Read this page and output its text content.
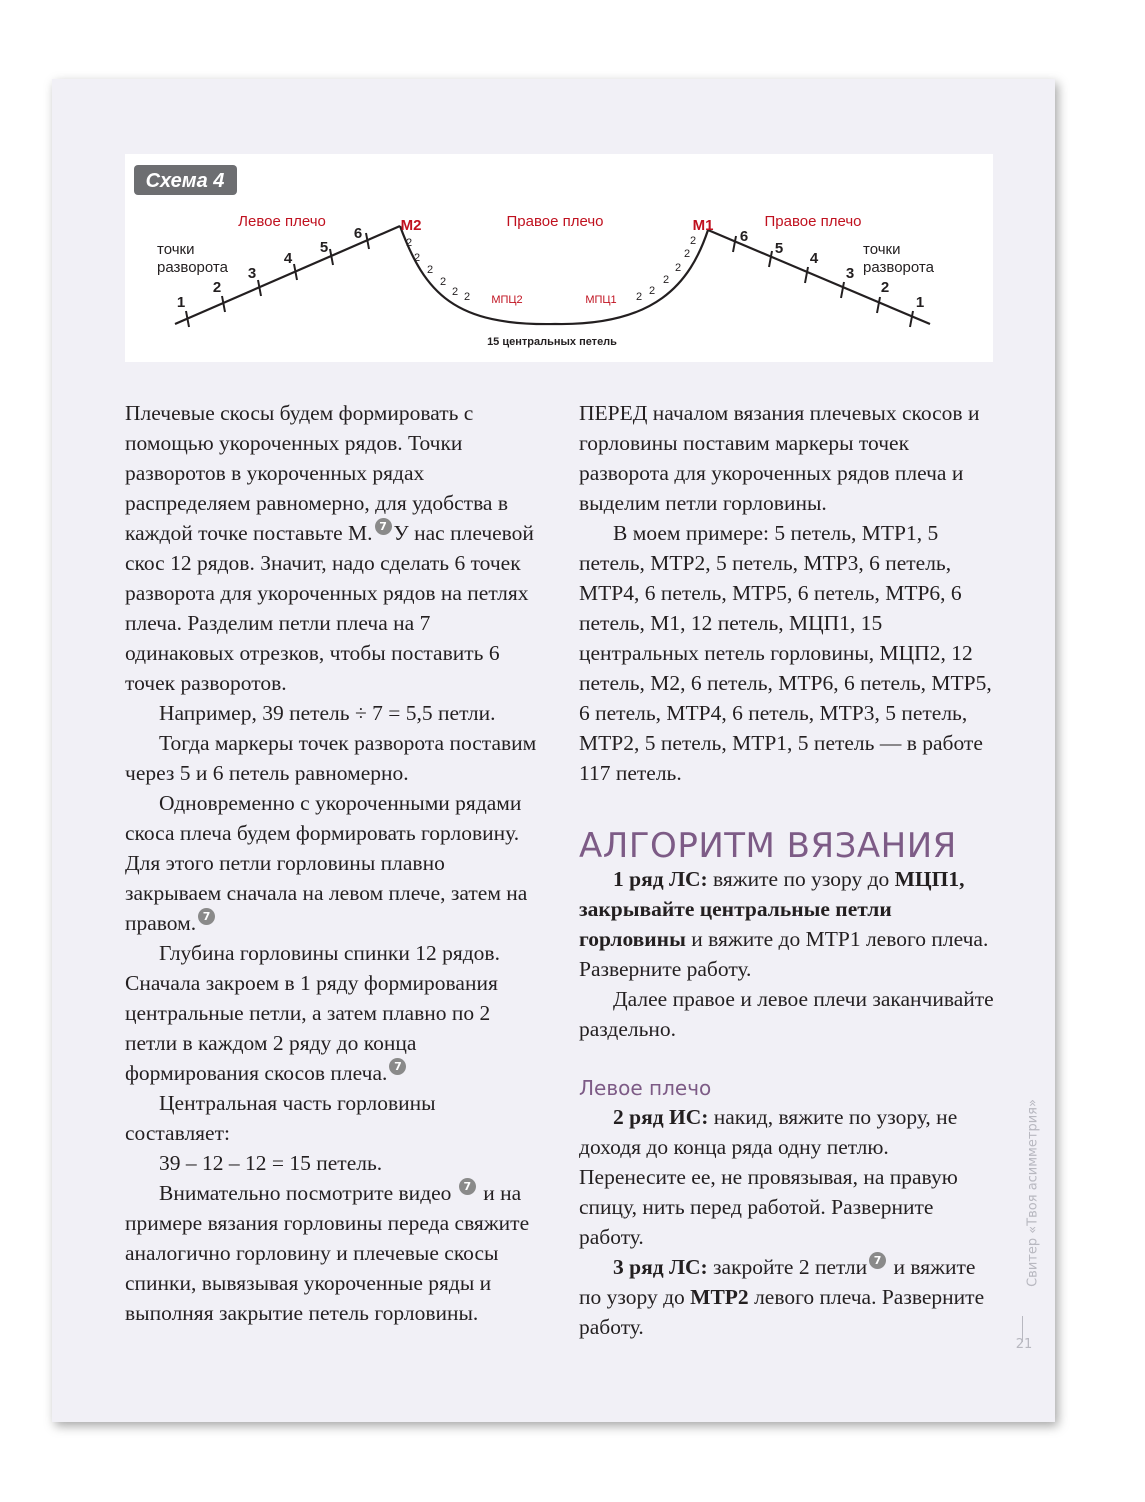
Схема 4
1
2
3
4
5
6	6
5
4
3
2
1
2
2
2
2
2 2	2 2
2
2
2
2
Левое плечо	Правое плечо	Правое плечо
М2	М1
МПЦ2	МПЦ1
точки
разворота
точки
разворота
15 центральных петель

Плечевые скосы будем формировать с помощью укороченных рядов. Точки разворотов в укороченных рядах распределяем равномерно, для удобства в каждой точке поставьте М. 7 У нас плечевой скос 12 рядов. Значит, надо сделать 6 точек разворота для укороченных рядов на петлях плеча. Разделим петли плеча на 7 одинаковых отрезков, чтобы поставить 6 точек разворотов.

Например, 39 петель ÷ 7 = 5,5 петли.

Тогда маркеры точек разворота поставим через 5 и 6 петель равномерно.

Одновременно с укороченными рядами скоса плеча будем формировать горловину. Для этого петли горловины плавно закрываем сначала на левом плече, затем на правом. 7

Глубина горловины спинки 12 рядов. Сначала закроем в 1 ряду формирования центральные петли, а затем плавно по 2 петли в каждом 2 ряду до конца формирования скосов плеча. 7

Центральная часть горловины составляет:

39 – 12 – 12 = 15 петель.

Внимательно посмотрите видео 7 и на примере вязания горловины переда свяжите аналогично горловину и плечевые скосы спинки, вывязывая укороченные ряды и выполняя закрытие петель горловины.

ПЕРЕД началом вязания плечевых скосов и горловины поставим маркеры точек разворота для укороченных рядов плеча и выделим петли горловины.

В моем примере: 5 петель, МТР1, 5 петель, МТР2, 5 петель, МТР3, 6 петель, МТР4, 6 петель, МТР5, 6 петель, МТР6, 6 петель, М1, 12 петель, МЦП1, 15 центральных петель горловины, МЦП2, 12 петель, М2, 6 петель, МТР6, 6 петель, МТР5, 6 петель, МТР4, 6 петель, МТР3, 5 петель, МТР2, 5 петель, МТР1, 5 петель — в работе 117 петель.

АЛГОРИТМ ВЯЗАНИЯ

1 ряд ЛС: вяжите по узору до МЦП1, закрывайте центральные петли горловины и вяжите до МТР1 левого плеча. Разверните работу.

Далее правое и левое плечи заканчивайте раздельно.

Левое плечо

2 ряд ИС: накид, вяжите по узору, не доходя до конца ряда одну петлю. Перенесите ее, не провязывая, на правую спицу, нить перед работой. Разверните работу.

3 ряд ЛС: закройте 2 петли 7 и вяжите по узору до МТР2 левого плеча. Разверните работу.

Свитер «Твоя асимметрия»
21
